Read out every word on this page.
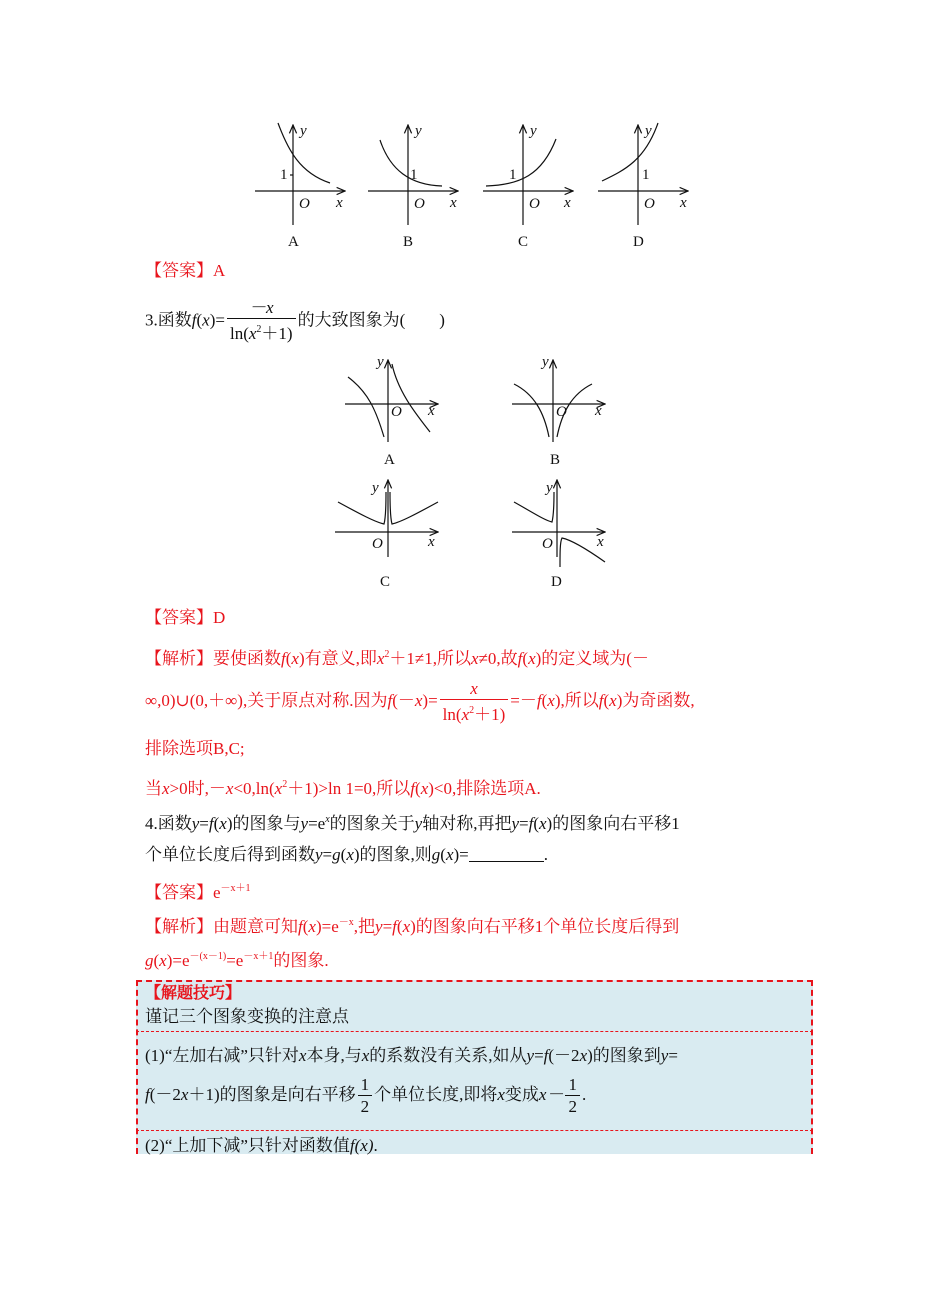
y
1
O x
y
1
O x
y
1
O x
y
1
O x
A	B	C	D
【答案】A
3.函数$f(x)= \frac{-x}{\ln(x^2+1)}$ 的大致图象为(　　)
y
O x
y
O x
y
O	x
y
O	x
A	B
C	D
【答案】D
【解析】要使函数f(x)有意义,即$x^2+1\ne 1$,所以x≠0,故f(x)的定义域为(－
∞,0)∪(0,＋∞),关于原点对称.因为$f(-x)= \frac{x}{\ln(x^2+1)} =-f(x)$,所以f(x)为奇函数,
排除选项B,C;
当x>0时$,-x<0,\ln(x^2+1)>\ln$ 1=0,所以f(x)<0,排除选项A.
4.函数y=f(x)的图象与$y=e^x$的图象关于y轴对称,再把y=f(x)的图象向右平移1
个单位长度后得到函数y=g(x)的图象,则g(x)=	.
【答案】$e^{-x+1}$
【解析】由题意可知$f(x)=e^{-x}$,把y=f(x)的图象向右平移1个单位长度后得到
$g(x)=e^{-(x-1)}=e^{-x+1}$的图象.
【解题技巧】
谨记三个图象变换的注意点
(1)“左加右减”只针对x本身,与x的系数没有关系,如从y=f(－2x)的图象到y=
f(－2x＋1)的图象是向右平移 $\frac{1}{2}$ 个单位长度,即将x变成$x- \frac{1}{2}$ .
(2)“上加下减”只针对函数值f(x).
